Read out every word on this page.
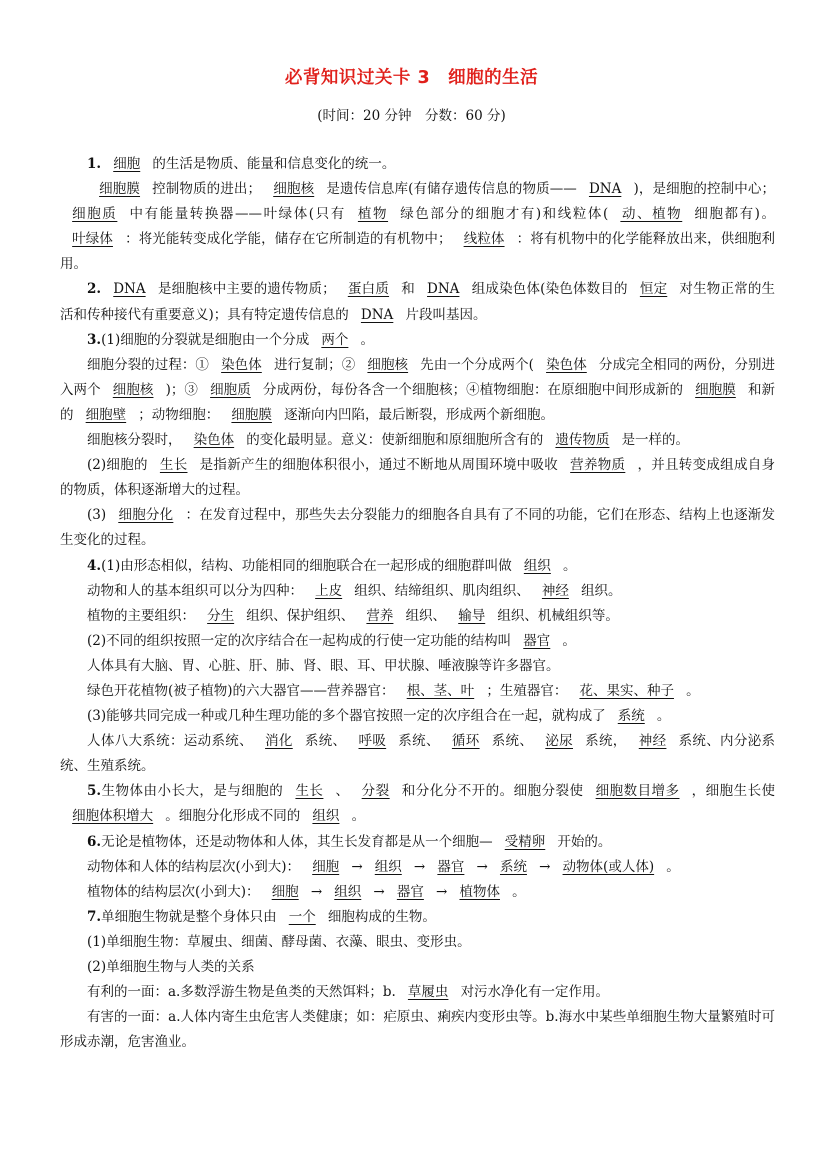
必背知识过关卡 3　细胞的生活
(时间：20 分钟　分数：60 分)

1. 细胞 的生活是物质、能量和信息变化的统一。

细胞膜 控制物质的进出； 细胞核 是遗传信息库(有储存遗传信息的物质—— DNA )，是细胞的控制中心；细胞质 中有能量转换器——叶绿体(只有 植物 绿色部分的细胞才有)和线粒体( 动、植物 细胞都有)。叶绿体 ：将光能转变成化学能，储存在它所制造的有机物中； 线粒体 ：将有机物中的化学能释放出来，供细胞利用。

2. DNA 是细胞核中主要的遗传物质； 蛋白质 和 DNA 组成染色体(染色体数目的 恒定 对生物正常的生活和传种接代有重要意义)；具有特定遗传信息的 DNA 片段叫基因。

3.(1)细胞的分裂就是细胞由一个分成 两个 。

细胞分裂的过程：① 染色体 进行复制；② 细胞核 先由一个分成两个( 染色体 分成完全相同的两份，分别进入两个 细胞核 )；③ 细胞质 分成两份，每份各含一个细胞核；④植物细胞：在原细胞中间形成新的 细胞膜 和新的 细胞壁 ；动物细胞： 细胞膜 逐渐向内凹陷，最后断裂，形成两个新细胞。

细胞核分裂时， 染色体 的变化最明显。意义：使新细胞和原细胞所含有的 遗传物质 是一样的。

(2)细胞的 生长 是指新产生的细胞体积很小，通过不断地从周围环境中吸收 营养物质 ，并且转变成组成自身的物质，体积逐渐增大的过程。

(3) 细胞分化 ：在发育过程中，那些失去分裂能力的细胞各自具有了不同的功能，它们在形态、结构上也逐渐发生变化的过程。

4.(1)由形态相似，结构、功能相同的细胞联合在一起形成的细胞群叫做 组织 。

动物和人的基本组织可以分为四种： 上皮 组织、结缔组织、肌肉组织、 神经 组织。

植物的主要组织： 分生 组织、保护组织、 营养 组织、 输导 组织、机械组织等。

(2)不同的组织按照一定的次序结合在一起构成的行使一定功能的结构叫 器官 。

人体具有大脑、胃、心脏、肝、肺、肾、眼、耳、甲状腺、唾液腺等许多器官。

绿色开花植物(被子植物)的六大器官——营养器官： 根、茎、叶 ；生殖器官： 花、果实、种子 。

(3)能够共同完成一种或几种生理功能的多个器官按照一定的次序组合在一起，就构成了 系统 。

人体八大系统：运动系统、 消化 系统、 呼吸 系统、 循环 系统、 泌尿 系统， 神经 系统、内分泌系统、生殖系统。

5.生物体由小长大，是与细胞的 生长 、 分裂 和分化分不开的。细胞分裂使 细胞数目增多 ，细胞生长使细胞体积增大 。细胞分化形成不同的 组织 。

6.无论是植物体，还是动物体和人体，其生长发育都是从一个细胞— 受精卵 开始的。

动物体和人体的结构层次(小到大)： 细胞 → 组织 → 器官 → 系统 → 动物体(或人体) 。

植物体的结构层次(小到大)： 细胞 → 组织 → 器官 → 植物体 。

7.单细胞生物就是整个身体只由 一个 细胞构成的生物。

(1)单细胞生物：草履虫、细菌、酵母菌、衣藻、眼虫、变形虫。

(2)单细胞生物与人类的关系

有利的一面：a.多数浮游生物是鱼类的天然饵料；b. 草履虫 对污水净化有一定作用。

有害的一面：a.人体内寄生虫危害人类健康；如：疟原虫、痢疾内变形虫等。b.海水中某些单细胞生物大量繁殖时可形成赤潮，危害渔业。
